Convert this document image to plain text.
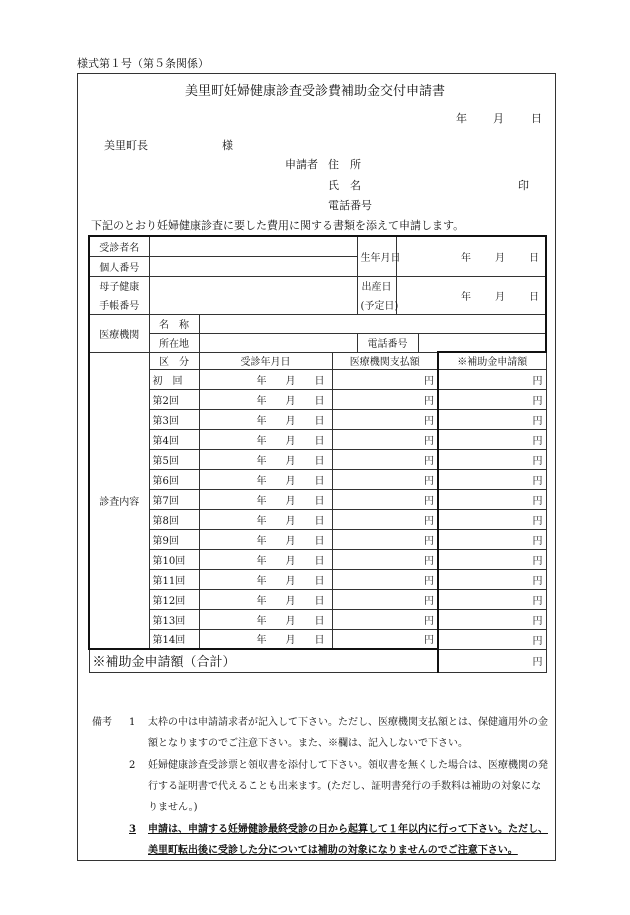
様式第１号（第５条関係）
美里町妊婦健康診査受診費補助金交付申請書
年 月 日
美里町長	様
申請者 住　所
氏　名	印
電話番号
下記のとおり妊婦健康診査に要した費用に関する書類を添えて申請します。
受診者名				生年月日	年 月 日		

個人番号							
母子健康				出産日	年 月 日		

手帳番号				(予定日)			
医療機関	名　称						
	所在地			電話番号			
診査内容	区　分	受診年月日	医療機関支払額				※補助金申請額
	初　回	年 月 日	円				円
	第2回	年 月 日	円				円
	第3回	年 月 日	円				円
	第4回	年 月 日	円				円
	第5回	年 月 日	円				円
	第6回	年 月 日	円				円
	第7回	年 月 日	円				円
	第8回	年 月 日	円				円
	第9回	年 月 日	円				円
	第10回	年 月 日	円				円
	第11回	年 月 日	円				円
	第12回	年 月 日	円				円
	第13回	年 月 日	円				円
	第14回	年 月 日	円				円
※補助金申請額（合計）							円
備考 1 太枠の中は申請請求者が記入して下さい。ただし、医療機関支払額とは、保健適用外の金
額となりますのでご注意下さい。また、※欄は、記入しないで下さい。
2 妊婦健康診査受診票と領収書を添付して下さい。領収書を無くした場合は、医療機関の発
行する証明書で代えることも出来ます。(ただし、証明書発行の手数料は補助の対象にな
りません。)
3 申請は、申請する妊婦健診最終受診の日から起算して１年以内に行って下さい。ただし、
美里町転出後に受診した分については補助の対象になりませんのでご注意下さい。
